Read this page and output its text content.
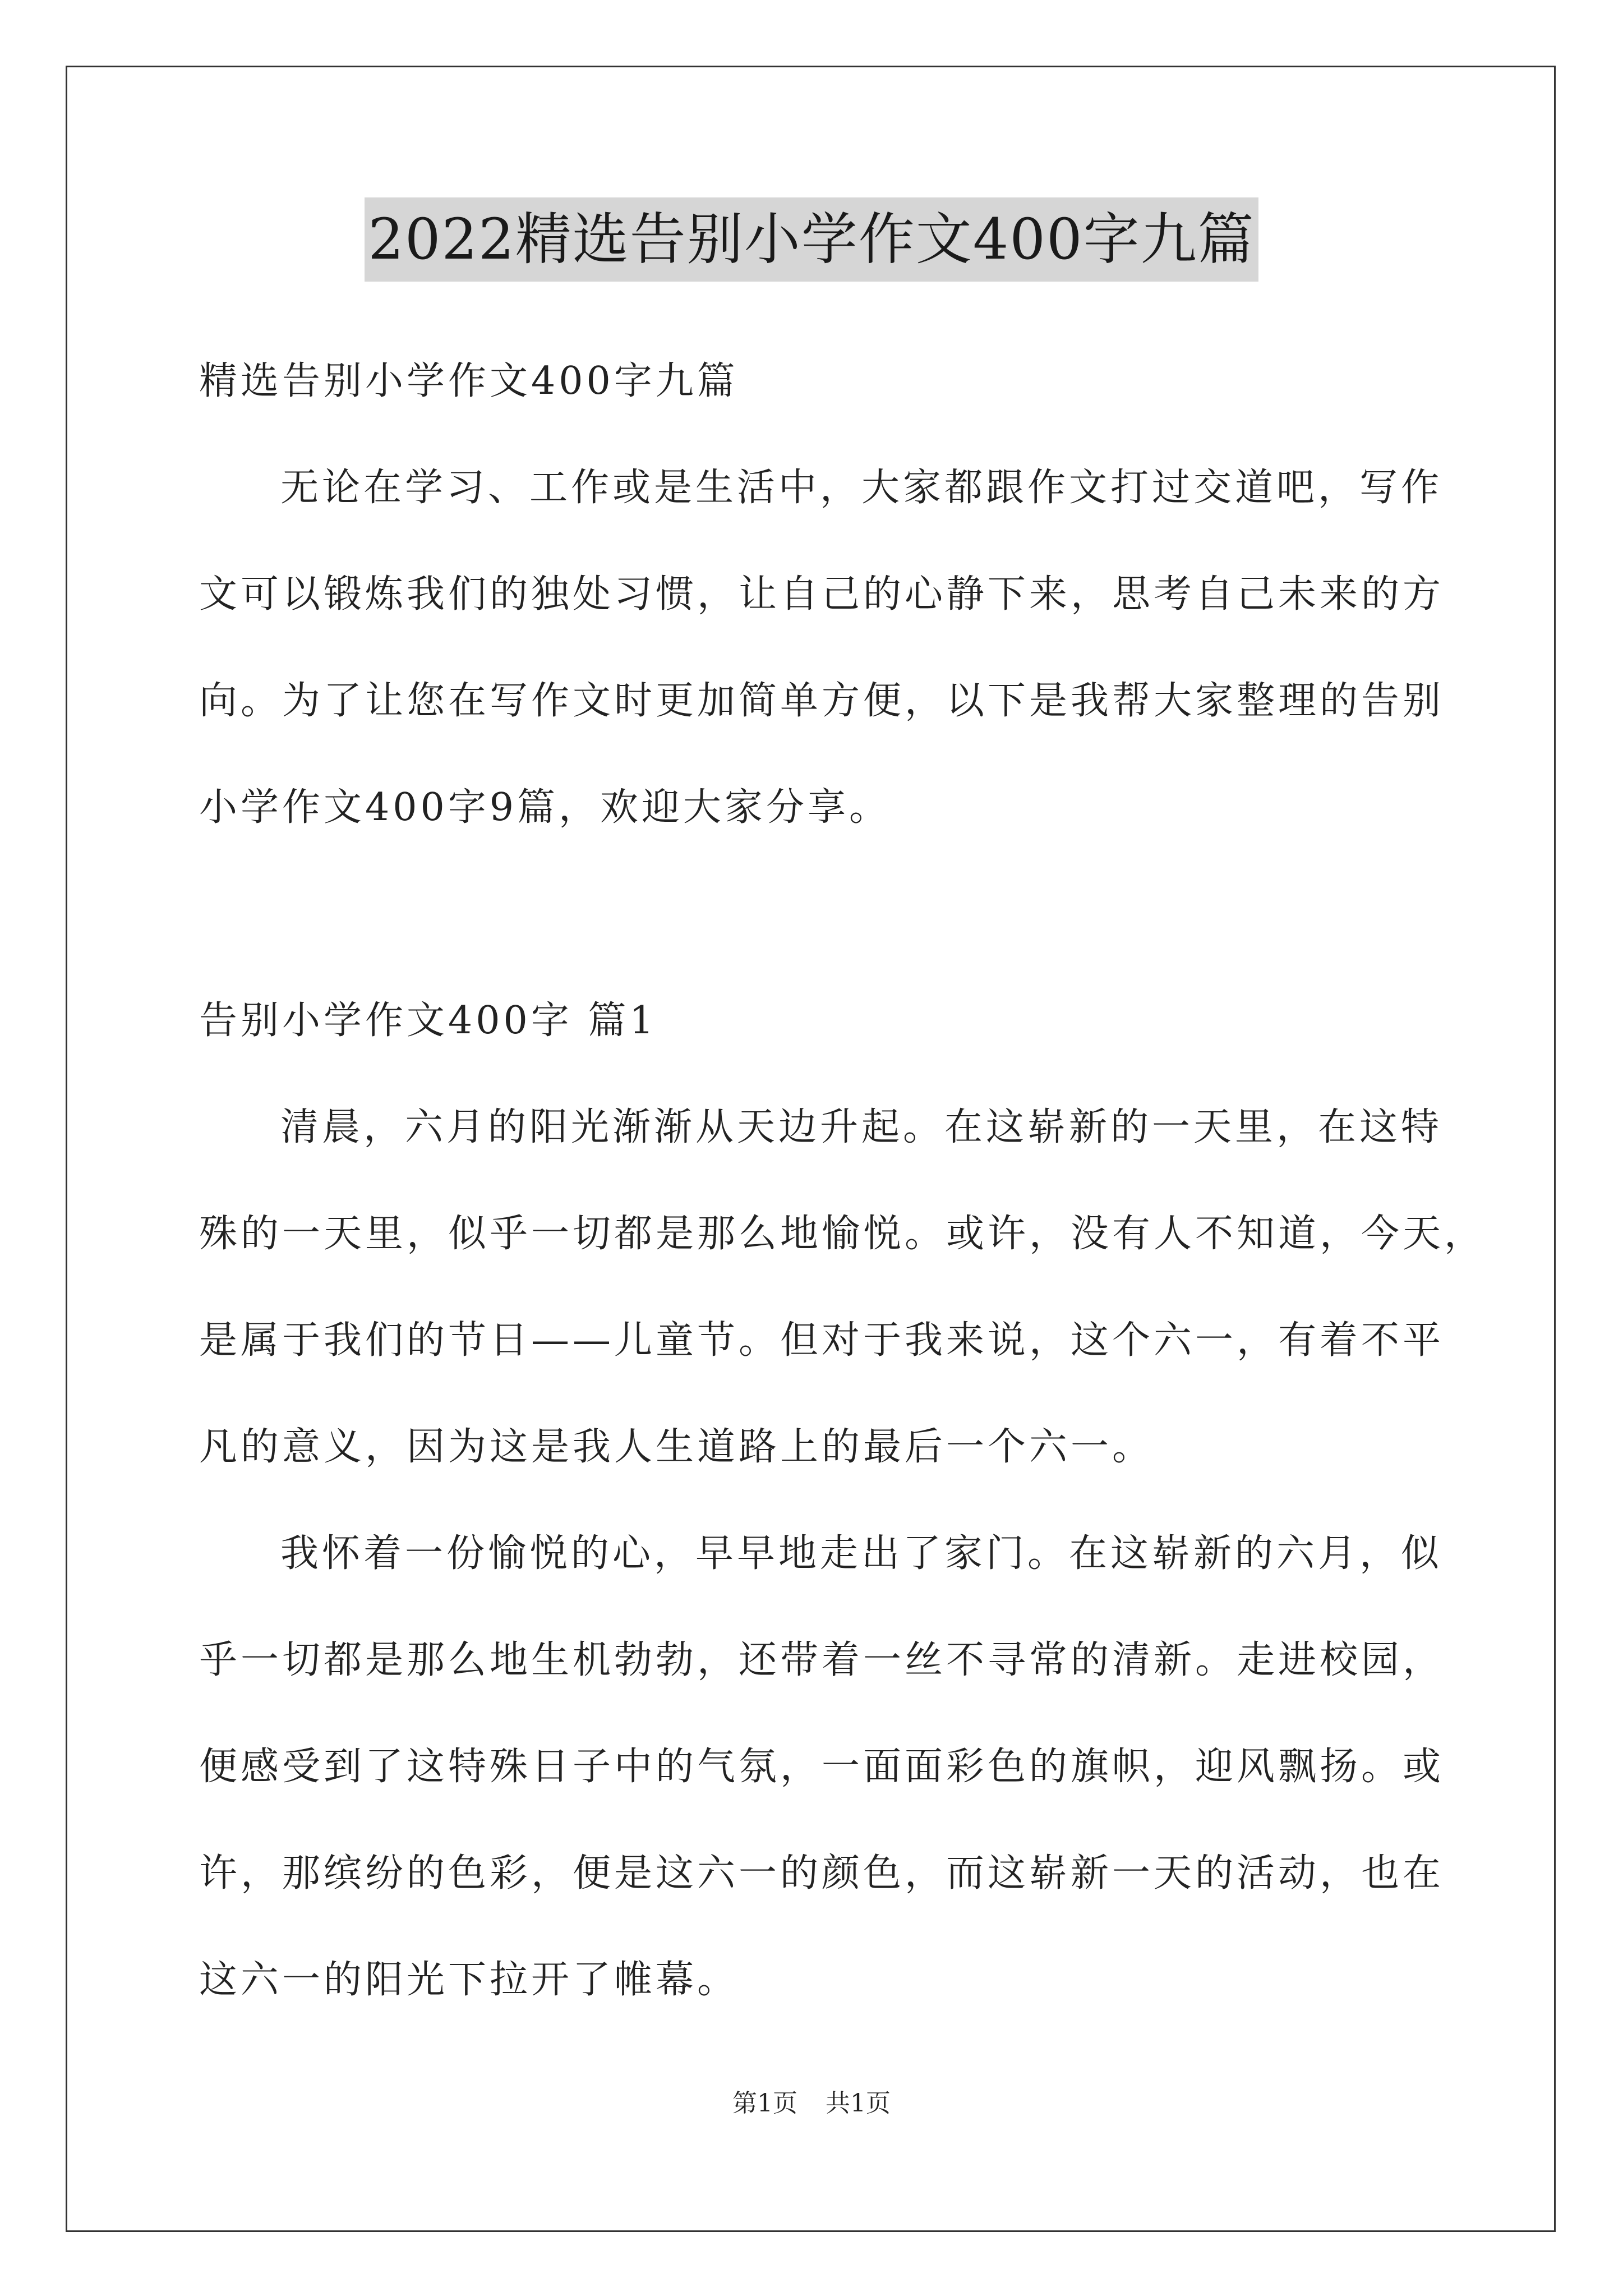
2022精选告别小学作文400字九篇
精选告别小学作文400字九篇
无论在学习、工作或是生活中，大家都跟作文打过交道吧，写作
文可以锻炼我们的独处习惯，让自己的心静下来，思考自己未来的方
向。为了让您在写作文时更加简单方便，以下是我帮大家整理的告别
小学作文400字9篇，欢迎大家分享。
告别小学作文400字 篇1
清晨，六月的阳光渐渐从天边升起。在这崭新的一天里，在这特
殊的一天里，似乎一切都是那么地愉悦。或许，没有人不知道，今天，
是属于我们的节日——儿童节。但对于我来说，这个六一，有着不平
凡的意义，因为这是我人生道路上的最后一个六一。
我怀着一份愉悦的心，早早地走出了家门。在这崭新的六月，似
乎一切都是那么地生机勃勃，还带着一丝不寻常的清新。走进校园，
便感受到了这特殊日子中的气氛，一面面彩色的旗帜，迎风飘扬。或
许，那缤纷的色彩，便是这六一的颜色，而这崭新一天的活动，也在
这六一的阳光下拉开了帷幕。
第1页 共1页
